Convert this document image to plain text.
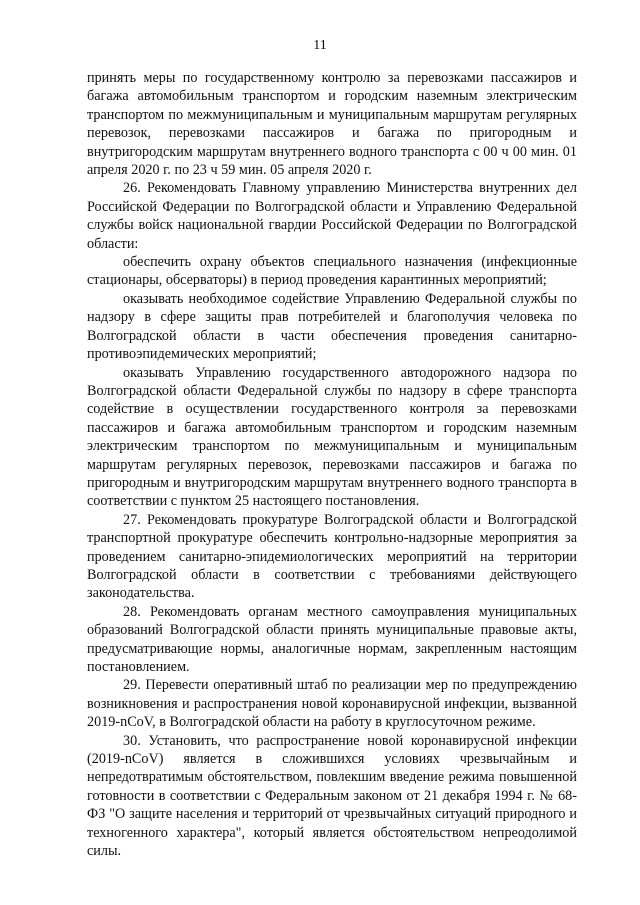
11

принять меры по государственному контролю за перевозками пассажиров и багажа автомобильным транспортом и городским наземным электрическим транспортом по межмуниципальным и муниципальным маршрутам регулярных перевозок, перевозками пассажиров и багажа по пригородным и внутригородским маршрутам внутреннего водного транспорта с 00 ч 00 мин. 01 апреля 2020 г. по 23 ч 59 мин. 05 апреля 2020 г.

26. Рекомендовать Главному управлению Министерства внутренних дел Российской Федерации по Волгоградской области и Управлению Федеральной службы войск национальной гвардии Российской Федерации по Волгоградской области:

обеспечить охрану объектов специального назначения (инфекционные стационары, обсерваторы) в период проведения карантинных мероприятий;

оказывать необходимое содействие Управлению Федеральной службы по надзору в сфере защиты прав потребителей и благополучия человека по Волгоградской области в части обеспечения проведения санитарно-противоэпидемических мероприятий;

оказывать Управлению государственного автодорожного надзора по Волгоградской области Федеральной службы по надзору в сфере транспорта содействие в осуществлении государственного контроля за перевозками пассажиров и багажа автомобильным транспортом и городским наземным электрическим транспортом по межмуниципальным и муниципальным маршрутам регулярных перевозок, перевозками пассажиров и багажа по пригородным и внутригородским маршрутам внутреннего водного транспорта в соответствии с пунктом 25 настоящего постановления.

27. Рекомендовать прокуратуре Волгоградской области и Волгоградской транспортной прокуратуре обеспечить контрольно-надзорные мероприятия за проведением санитарно-эпидемиологических мероприятий на территории Волгоградской области в соответствии с требованиями действующего законодательства.

28. Рекомендовать органам местного самоуправления муниципальных образований Волгоградской области принять муниципальные правовые акты, предусматривающие нормы, аналогичные нормам, закрепленным настоящим постановлением.

29. Перевести оперативный штаб по реализации мер по предупреждению возникновения и распространения новой коронавирусной инфекции, вызванной 2019-nCoV, в Волгоградской области на работу в круглосуточном режиме.

30. Установить, что распространение новой коронавирусной инфекции (2019-nCoV) является в сложившихся условиях чрезвычайным и непредотвратимым обстоятельством, повлекшим введение режима повышенной готовности в соответствии с Федеральным законом от 21 декабря 1994 г. № 68-ФЗ "О защите населения и территорий от чрезвычайных ситуаций природного и техногенного характера", который является обстоятельством непреодолимой силы.
